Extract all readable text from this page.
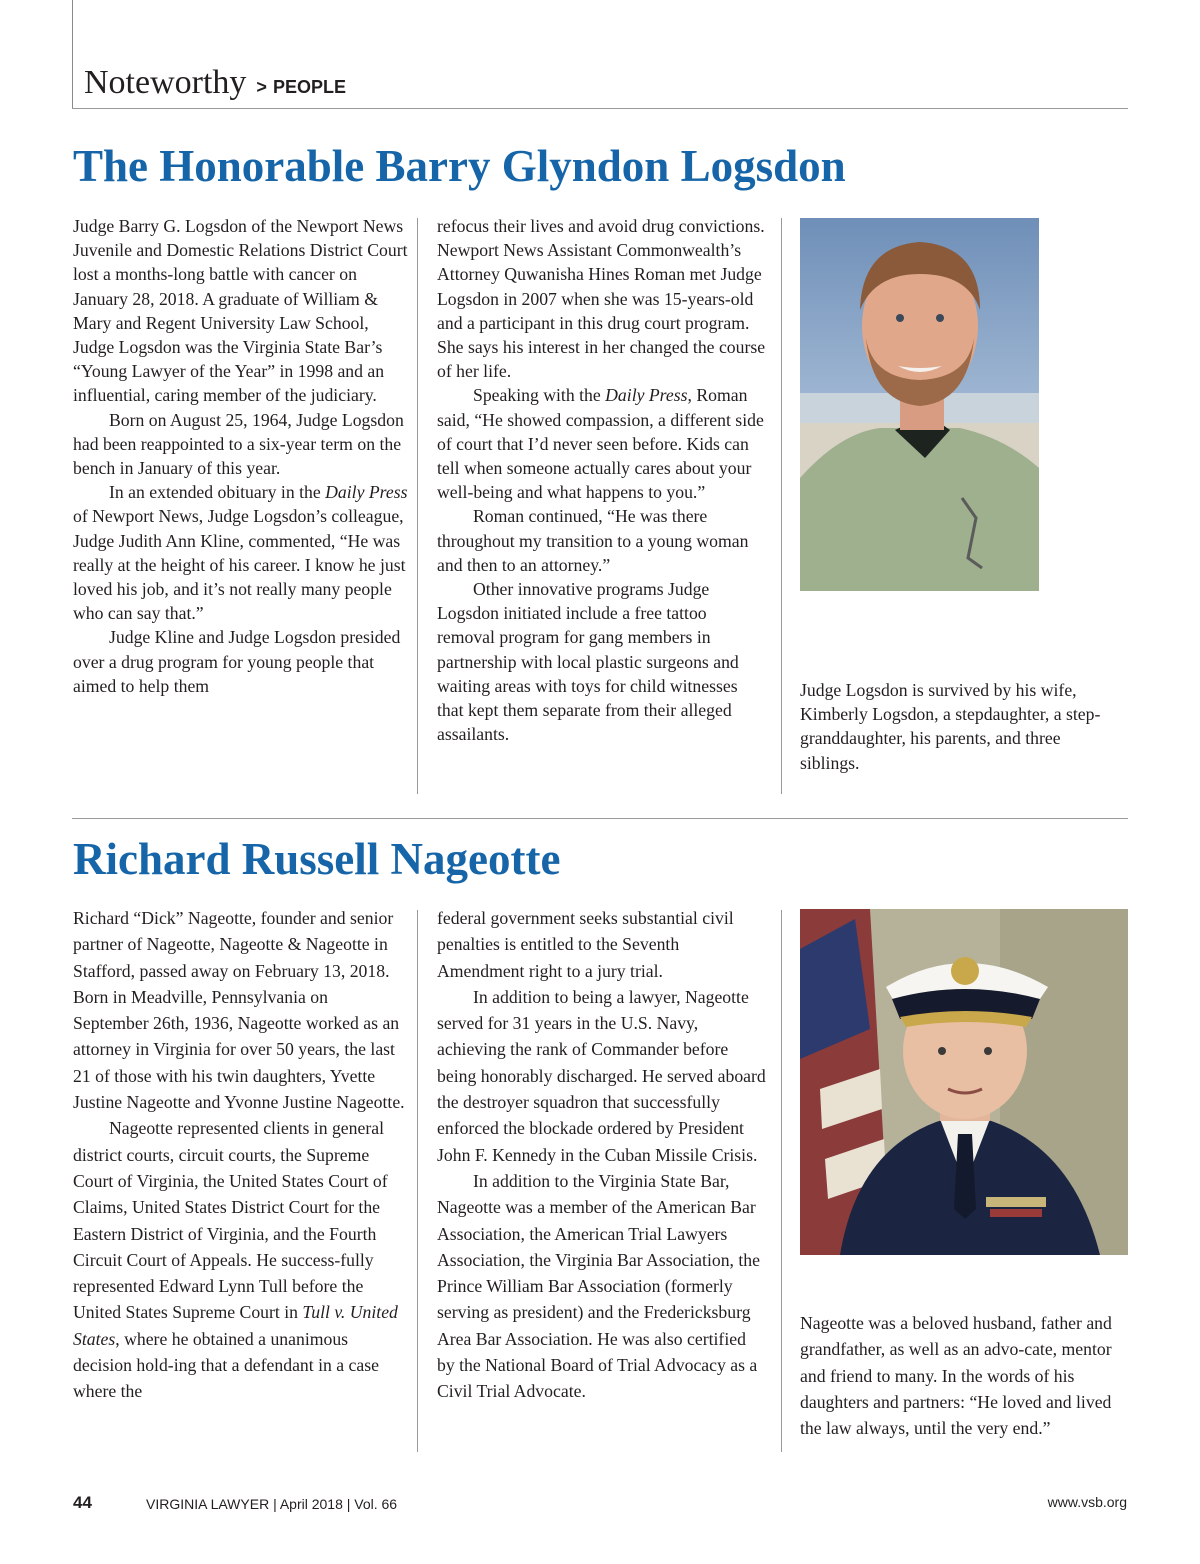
Noteworthy > PEOPLE
The Honorable Barry Glyndon Logsdon

Judge Barry G. Logsdon of the Newport News Juvenile and Domestic Relations District Court lost a months-long battle with cancer on January 28, 2018. A graduate of William & Mary and Regent University Law School, Judge Logsdon was the Virginia State Bar’s “Young Lawyer of the Year” in 1998 and an influential, caring member of the judiciary.

Born on August 25, 1964, Judge Logsdon had been reappointed to a six-year term on the bench in January of this year.

In an extended obituary in the Daily Press of Newport News, Judge Logsdon’s colleague, Judge Judith Ann Kline, commented, “He was really at the height of his career. I know he just loved his job, and it’s not really many people who can say that.”

Judge Kline and Judge Logsdon presided over a drug program for young people that aimed to help them

refocus their lives and avoid drug convictions. Newport News Assistant Commonwealth’s Attorney Quwanisha Hines Roman met Judge Logsdon in 2007 when she was 15-years-old and a participant in this drug court program. She says his interest in her changed the course of her life.

Speaking with the Daily Press, Roman said, “He showed compassion, a different side of court that I’d never seen before. Kids can tell when someone actually cares about your well-being and what happens to you.”

Roman continued, “He was there throughout my transition to a young woman and then to an attorney.”

Other innovative programs Judge Logsdon initiated include a free tattoo removal program for gang members in partnership with local plastic surgeons and waiting areas with toys for child witnesses that kept them separate from their alleged assailants.

Judge Logsdon is survived by his wife, Kimberly Logsdon, a stepdaughter, a step-granddaughter, his parents, and three siblings.

Richard Russell Nageotte

Richard “Dick” Nageotte, founder and senior partner of Nageotte, Nageotte & Nageotte in Stafford, passed away on February 13, 2018. Born in Meadville, Pennsylvania on September 26th, 1936, Nageotte worked as an attorney in Virginia for over 50 years, the last 21 of those with his twin daughters, Yvette Justine Nageotte and Yvonne Justine Nageotte.

Nageotte represented clients in general district courts, circuit courts, the Supreme Court of Virginia, the United States Court of Claims, United States District Court for the Eastern District of Virginia, and the Fourth Circuit Court of Appeals. He success-fully represented Edward Lynn Tull before the United States Supreme Court in Tull v. United States, where he obtained a unanimous decision hold-ing that a defendant in a case where the

federal government seeks substantial civil penalties is entitled to the Seventh Amendment right to a jury trial.

In addition to being a lawyer, Nageotte served for 31 years in the U.S. Navy, achieving the rank of Commander before being honorably discharged. He served aboard the destroyer squadron that successfully enforced the blockade ordered by President John F. Kennedy in the Cuban Missile Crisis.

In addition to the Virginia State Bar, Nageotte was a member of the American Bar Association, the American Trial Lawyers Association, the Virginia Bar Association, the Prince William Bar Association (formerly serving as president) and the Fredericksburg Area Bar Association. He was also certified by the National Board of Trial Advocacy as a Civil Trial Advocate.

Nageotte was a beloved husband, father and grandfather, as well as an advo-cate, mentor and friend to many. In the words of his daughters and partners: “He loved and lived the law always, until the very end.”

44	VIRGINIA LAWYER | April 2018 | Vol. 66	www.vsb.org
